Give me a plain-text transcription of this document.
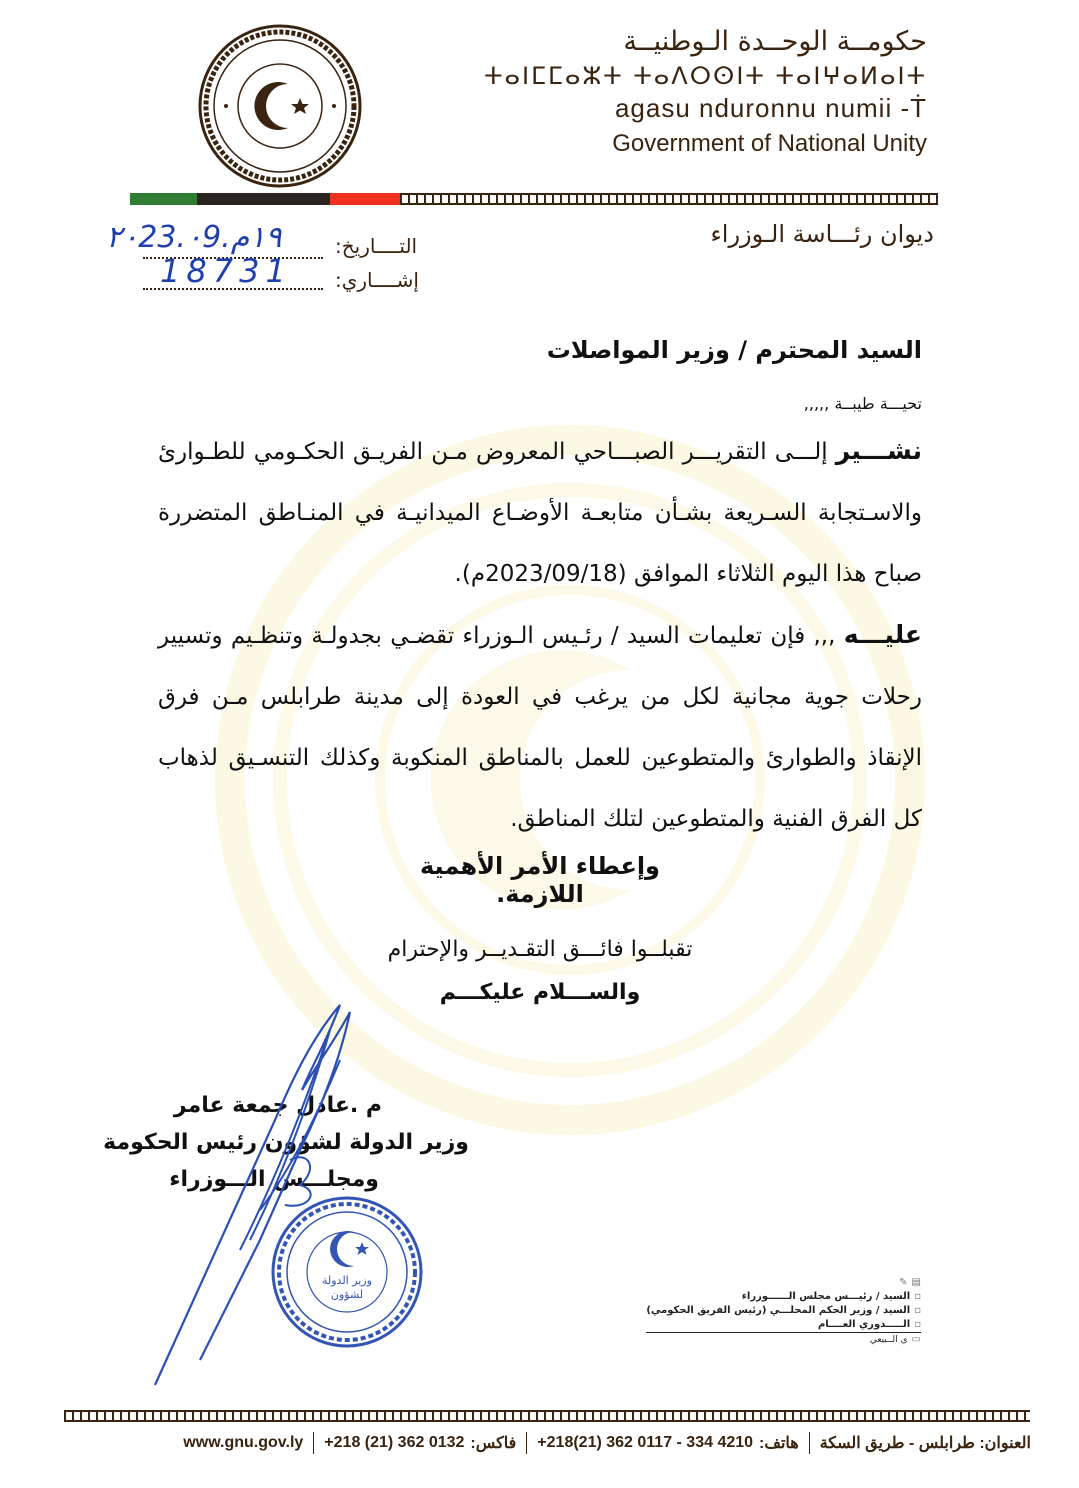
حكومــة الوحــدة الـوطنيــة
ⵜⴰⵏⵎⵎⴰⵣⵜ ⵜⴰⴷⵔⵙⵏⵜ ⵜⴰⵏⵖⴰⵍⴰⵏⵜ
agasu nduronnu numii -Ṫ
Government of National Unity
ديوان رئـــاسة الـوزراء
التــــاريخ:
إشــــاري:
٢٠23.٠9.١٩م
18731
السيد المحترم / وزير المواصلات
تحيـــة طيبــة ,,,,,
نشـــير إلـــى التقريـــر الصبـــاحي المعروض مـن الفريـق الحكـومي للطـوارئ والاسـتجابة السـريعة بشـأن متابعـة الأوضـاع الميدانيـة في المنـاطق المتضررة صباح هذا اليوم الثلاثاء الموافق (2023/09/18م).
عليـــه ,,, فإن تعليمات السيد / رئـيس الـوزراء تقضـي بجدولـة وتنظـيم وتسيير رحلات جوية مجانية لكل من يرغب في العودة إلى مدينة طرابلس مـن فرق الإنقاذ والطوارئ والمتطوعين للعمل بالمناطق المنكوبة وكذلك التنسـيق لذهاب كل الفرق الفنية والمتطوعين لتلك المناطق.
وإعطاء الأمر الأهمية اللازمة.
تقبلــوا فائـــق التقـديــر والإحترام
والســـلام عليكـــم
م .عادل جمعة عامر
وزير الدولة لشؤون رئيس الحكومة
ومجلـــس الـــوزراء
وزير الدولة
لشؤون
▤
✎
▫
السيد / رئيـــس مجلس الــــــوزراء
▫
السيد / وزير الحكم المحلـــي (رئيس الفريق الحكومي)
▫
الـــــدوري العــــام
▭
ي الــبيعي
العنوان: طرابلس - طريق السكة
هاتف:
+218(21) 362 0117 - 334 4210
فاكس:
+218 (21) 362 0132
www.gnu.gov.ly
